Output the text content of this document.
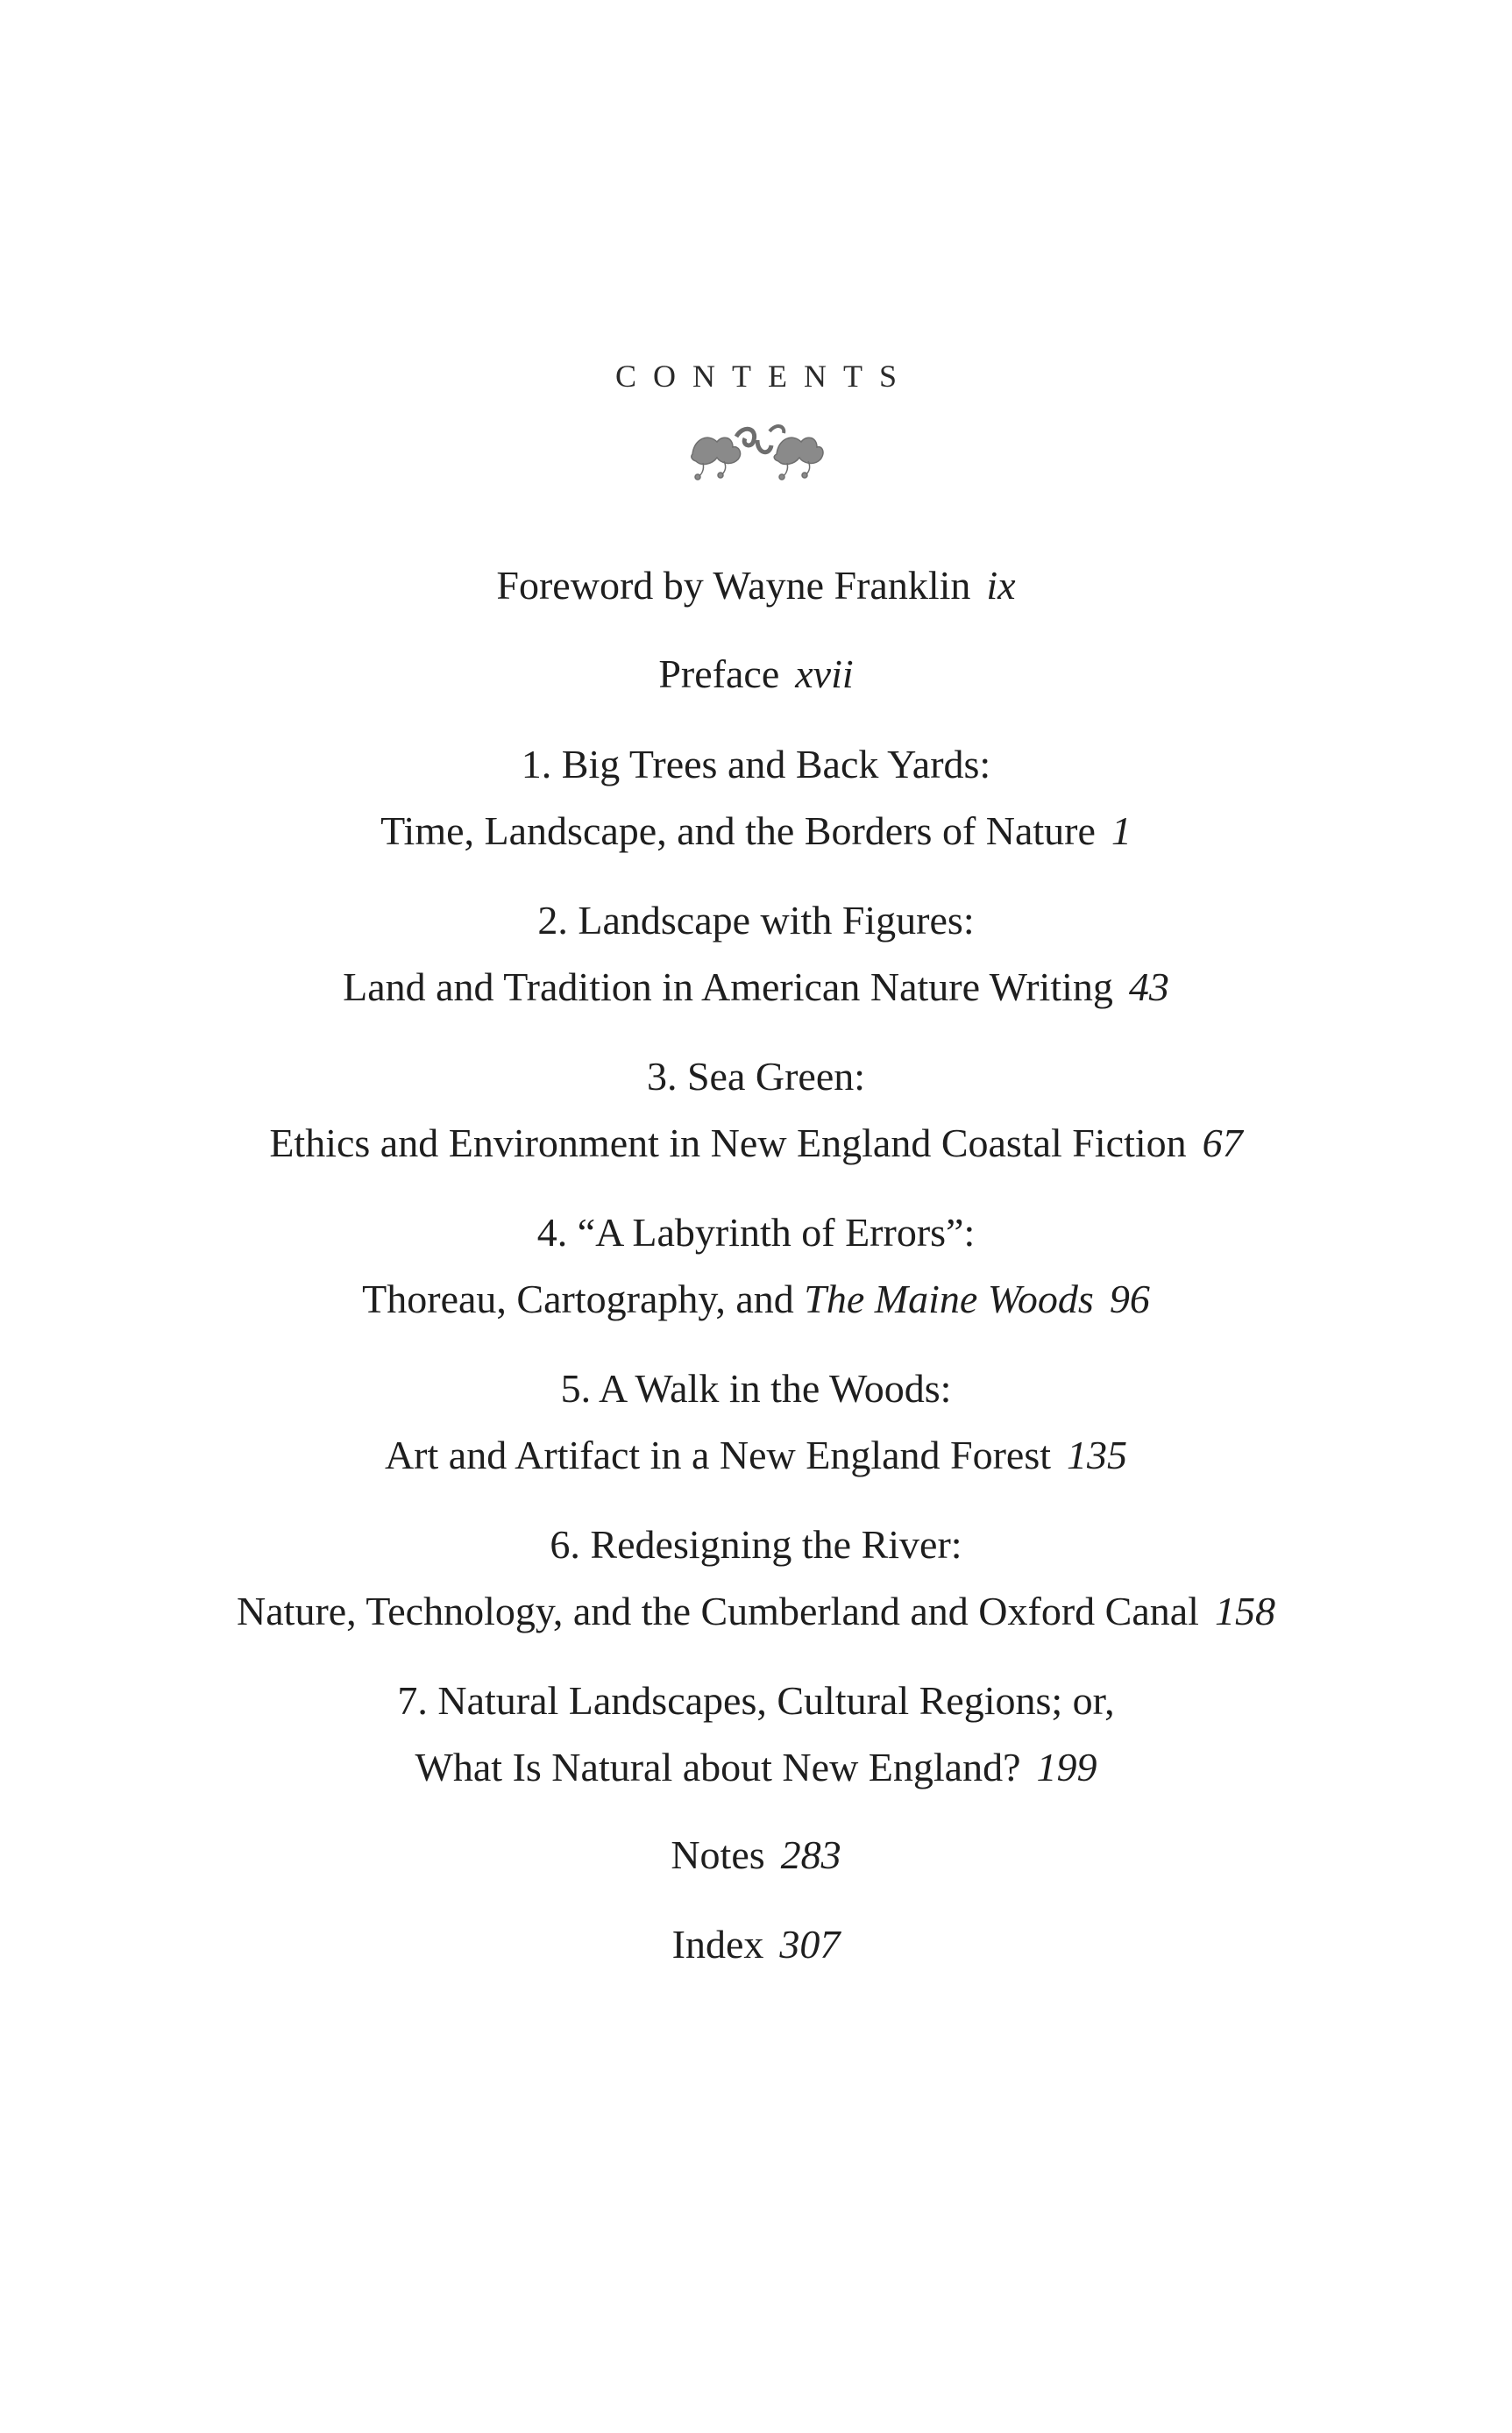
CONTENTS
Foreword by Wayne Franklin ix
Preface xvii
1. Big Trees and Back Yards:
Time, Landscape, and the Borders of Nature 1
2. Landscape with Figures:
Land and Tradition in American Nature Writing 43
3. Sea Green:
Ethics and Environment in New England Coastal Fiction 67
4. “A Labyrinth of Errors”:
Thoreau, Cartography, and The Maine Woods 96
5. A Walk in the Woods:
Art and Artifact in a New England Forest 135
6. Redesigning the River:
Nature, Technology, and the Cumberland and Oxford Canal 158
7. Natural Landscapes, Cultural Regions; or,
What Is Natural about New England? 199
Notes 283
Index 307
